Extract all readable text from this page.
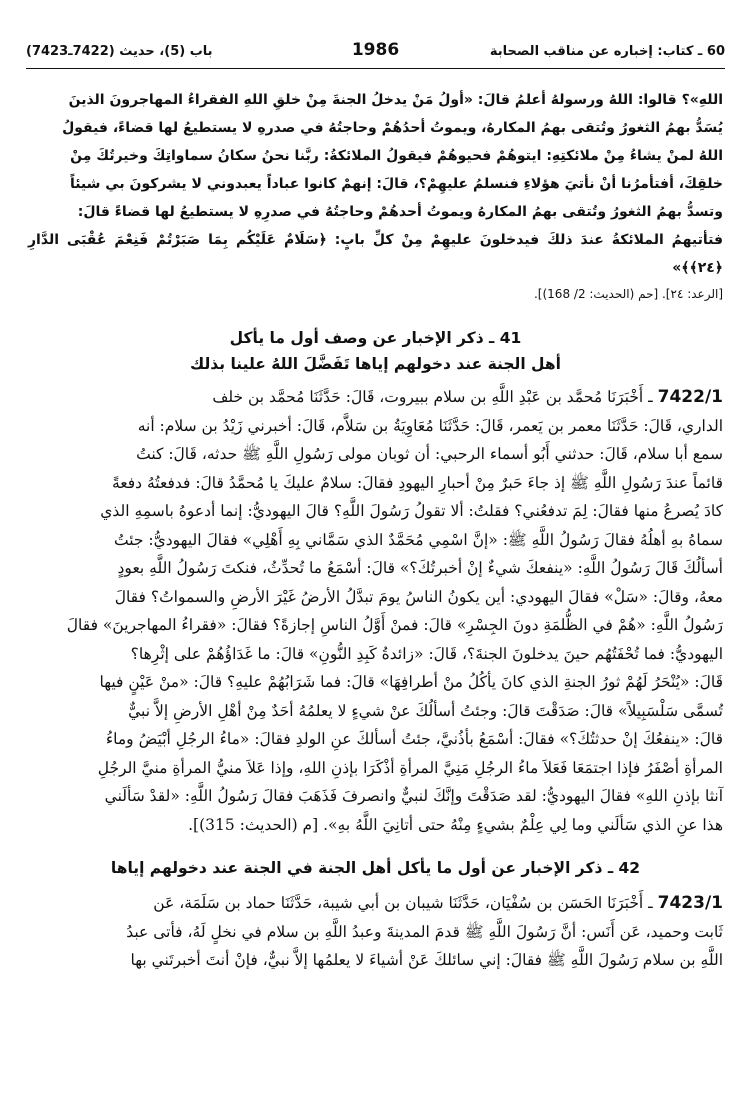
60 ـ كتاب: إخباره عن مناقب الصحابة
1986
باب (5)، حديث (7422ـ7423)

اللهِ»؟ قالوا: اللهُ ورسولهُ أعلمُ قالَ: «أولُ مَنْ يدخلُ الجنةَ مِنْ خلقِ اللهِ الفقراءُ المهاجرونَ الذينَ

يُسَدُّ بهمُ الثغورُ وتُتقى بهمُ المكارهُ، ويموتُ أحدُهُمْ وحاجتُهُ في صدرهِ لا يستطيعُ لها قضاءً، فيقولُ

اللهُ لمنْ يشاءُ مِنْ ملائكتِهِ: ايتوهُمْ فحيوهُمْ فيقولُ الملائكةُ: ربَّنا نحنُ سكانُ سماواتِكَ وخيرتُكَ مِنْ

خلقِكَ، أفتأمرُنا أنْ نأتيَ هؤلاءِ فنسلمُ عليهِمْ؟، قالَ: إنهمْ كانوا عباداً يعبدوني لا يشركونَ بي شيئاً

وتسدُّ بهمُ الثغورُ وتُتقى بهمُ المكارهُ ويموتُ أحدهُمْ وحاجتُهُ في صدرِهِ لا يستطيعُ لها قضاءً قالَ:

فتأتيهمُ الملائكةُ عندَ ذلكَ فيدخلونَ عليهِمْ مِنْ كلِّ بابٍ: ﴿سَلَامٌ عَلَيْكُم بِمَا صَبَرْتُمْ فَنِعْمَ عُقْبَى الدَّارِ ﴿٢٤﴾﴾»

[الرعد: ٢٤]. [حم (الحديث: 2/ 168)].

41 ـ ذكر الإخبار عن وصف أول ما يأكل
أهل الجنة عند دخولهم إياها تَفَضَّلَ اللهُ علينا بذلك

7422/1 ـ أَخْبَرَنَا مُحمَّد بن عَبْدِ اللَّهِ بن سلام ببيروت، قَالَ: حَدَّثَنَا مُحمَّد بن خلف

الداري، قَالَ: حَدَّثَنَا معمر بن يَعمر، قَالَ: حَدَّثَنَا مُعَاوِيَةُ بن سَلاَّم، قَالَ: أخبرني زَيْدُ بن سلام: أنه

سمع أبا سلام، قَالَ: حدثني أَبُو أسماء الرحبي: أن ثوبان مولى رَسُولِ اللَّهِ ﷺ حدثه، قَالَ: كنتُ

قائماً عندَ رَسُولِ اللَّهِ ﷺ إذ جاءَ حَبرٌ مِنْ أحبارِ اليهودِ فقالَ: سلامٌ عليكَ يا مُحمَّدُ قالَ: فدفعتُهُ دفعةً

كادَ يُصرعُ منها فقالَ: لِمَ تدفعُني؟ فقلتُ: ألا تقولُ رَسُولَ اللَّهِ؟ قالَ اليهوديُّ: إنما أدعوهُ باسمِهِ الذي

سماهُ بهِ أهلُهُ فقالَ رَسُولُ اللَّهِ ﷺ: «إنَّ اسْمِي مُحَمَّدٌ الذي سَمَّاني بِهِ أَهْلِي» فقالَ اليهوديُّ: جئتُ

أسألُكَ قَالَ رَسُولُ اللَّهِ: «ينفعكَ شيءٌ إنْ أخبرتُكَ؟» قالَ: أسْمَعُ ما تُحدِّثُ، فنكتَ رَسُولُ اللَّهِ بعودٍ

معهُ، وقالَ: «سَلْ» فقالَ اليهودي: أين يكونُ الناسُ يومَ تبدَّلُ الأرضُ غَيْرَ الأرضِ والسمواتُ؟ فقالَ

رَسُولُ اللَّهِ: «هُمْ في الظُّلمَةِ دونَ الجِسْرِ» قالَ: فمنْ أَوَّلُ الناسِ إجازةً؟ فقالَ: «فقراءُ المهاجرينَ» فقالَ

اليهوديُّ: فما تُحْفَتُهُم حينَ يدخلونَ الجنةَ؟، قَالَ: «زائدةُ كَبِدِ النُّونِ» قالَ: ما غَدَاؤُهُمْ على إثْرِها؟

قَالَ: «يُنْحَرُ لَهُمْ ثورُ الجنةِ الذي كانَ يأكُلُ منْ أطرافِهَا» قالَ: فما شَرَابُهُمْ عليهِ؟ قالَ: «منْ عَيْنٍ فيها

تُسمَّى سَلْسَبِيلاً» قالَ: صَدَقْتَ قالَ: وجئتُ أسألُكَ عنْ شيءٍ لا يعلمُهُ أحَدٌ مِنْ أهْلِ الأرضِ إلاَّ نبيٌّ

قالَ: «ينفعُكَ إنْ حدثتُكَ؟» فقالَ: أسْمَعُ بأذُنيَّ، جئتُ أسألكَ عنِ الولدِ فقالَ: «ماءُ الرجُلِ أبْيَضُ وماءُ

المرأةِ أصْفَرُ فإذا اجتمَعَا فَعَلاَ ماءُ الرجُلِ مَنِيَّ المرأةِ أذْكَرَا بإذنِ اللهِ، وإذا عَلاَ منيُّ المرأةِ منيَّ الرجُلِ

آنثا بإذنِ اللهِ» فقالَ اليهوديُّ: لقد صَدَقْتَ وإنَّكَ لنبيٌّ وانصرفَ فَذَهَبَ فقالَ رَسُولُ اللَّهِ: «لقدْ سَألَني

هذا عنِ الذي سَألَني وما لِي عِلْمٌ بشيءٍ مِنْهُ حتى أتانِيَ اللَّهُ بهِ». [م (الحديث: 315)].

42 ـ ذكر الإخبار عن أول ما يأكل أهل الجنة في الجنة عند دخولهم إياها

7423/1 ـ أَخْبَرَنَا الحَسَن بن سُفْيَان، حَدَّثَنَا شيبان بن أبي شيبة، حَدَّثَنَا حماد بن سَلَمَة، عَن

ثَابت وحميد، عَن أَنَس: أنَّ رَسُولَ اللَّهِ ﷺ قدمَ المدينةَ وعبدُ اللَّهِ بن سلام في نخلٍ لَهُ، فأتى عبدُ

اللَّهِ بن سلام رَسُولَ اللَّهِ ﷺ فقالَ: إني سائلكَ عَنْ أشياءَ لا يعلمُها إلاَّ نبيٌّ، فإنْ أنتَ أخبرتَني بها
